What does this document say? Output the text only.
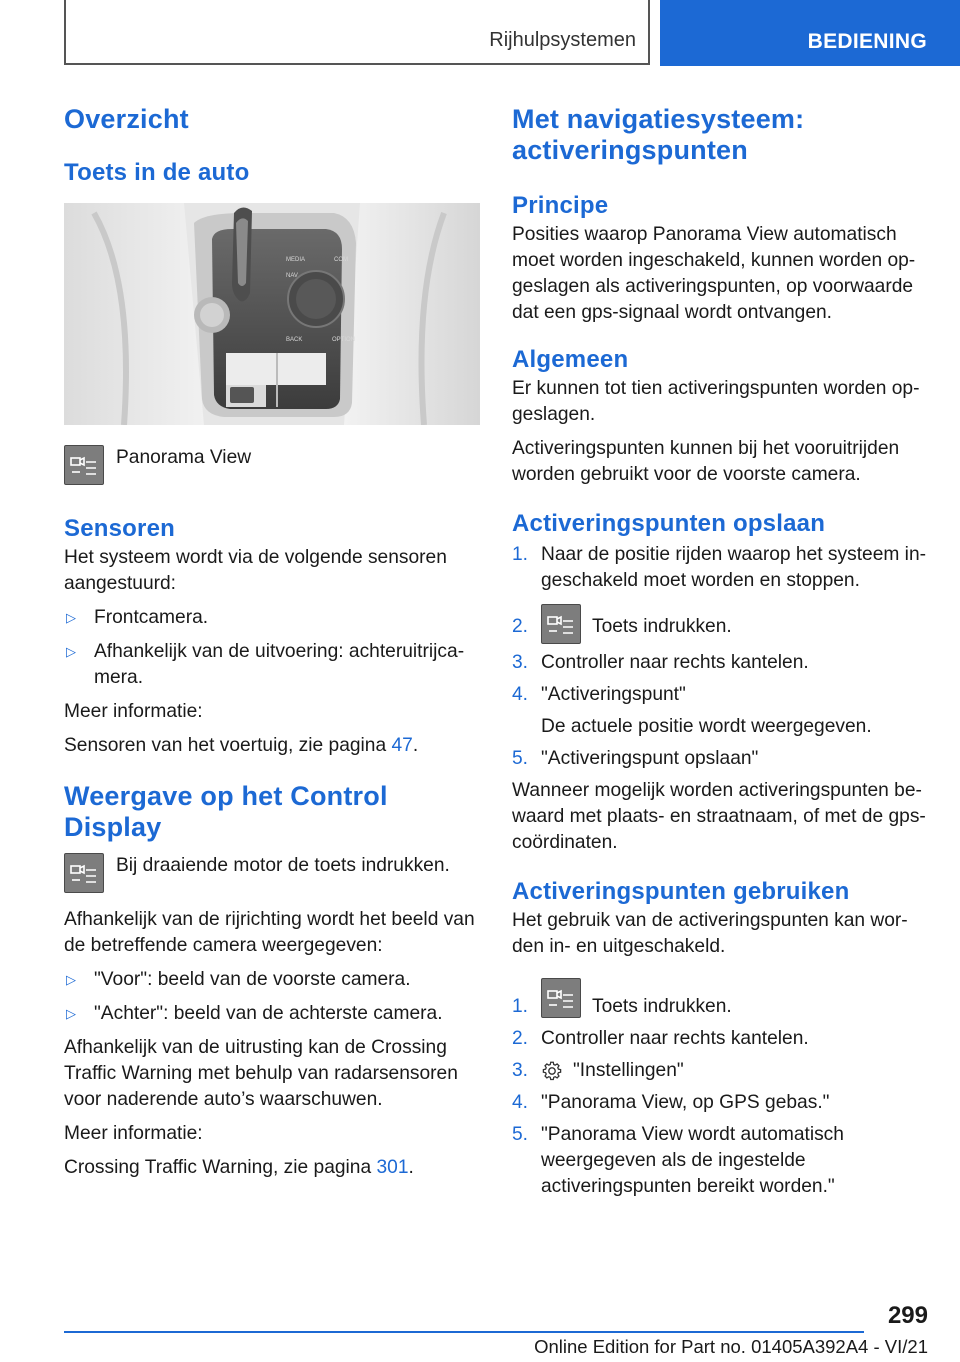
Rijhulpsystemen	BEDIENING
Overzicht
Toets in de auto
MEDIA	COM
NAV
BACK	OPTION

Panorama View

Sensoren

Het systeem wordt via de volgende sensoren aangestuurd:

▷ Frontcamera.
▷ Afhankelijk van de uitvoering: achteruitrijca-mera.

Meer informatie:

Sensoren van het voertuig, zie pagina 47.

Weergave op het Control Display

Bij draaiende motor de toets indrukken.

Afhankelijk van de rijrichting wordt het beeld van de betreffende camera weergegeven:

▷ "Voor": beeld van de voorste camera.
▷ "Achter": beeld van de achterste camera.

Afhankelijk van de uitrusting kan de Crossing Traffic Warning met behulp van radarsensoren voor naderende auto’s waarschuwen.

Meer informatie:

Crossing Traffic Warning, zie pagina 301.

Met navigatiesysteem: activeringspunten
Principe

Posities waarop Panorama View automatisch moet worden ingeschakeld, kunnen worden op-geslagen als activeringspunten, op voorwaarde dat een gps-signaal wordt ontvangen.

Algemeen

Er kunnen tot tien activeringspunten worden op-geslagen.

Activeringspunten kunnen bij het vooruitrijden worden gebruikt voor de voorste camera.

Activeringspunten opslaan
1. Naar de positie rijden waarop het systeem in-geschakeld moet worden en stoppen.
2.	Toets indrukken.
3. Controller naar rechts kantelen.
4. "Activeringspunt"

De actuele positie wordt weergegeven.

5. "Activeringspunt opslaan"

Wanneer mogelijk worden activeringspunten be-waard met plaats- en straatnaam, of met de gps-coördinaten.

Activeringspunten gebruiken

Het gebruik van de activeringspunten kan wor-den in- en uitgeschakeld.

1.	Toets indrukken.
2. Controller naar rechts kantelen.
3.	"Instellingen"
4. "Panorama View, op GPS gebas."
5. "Panorama View wordt automatisch weergegeven als de ingestelde activeringspunten bereikt worden."
299
Online Edition for Part no. 01405A392A4 - VI/21
